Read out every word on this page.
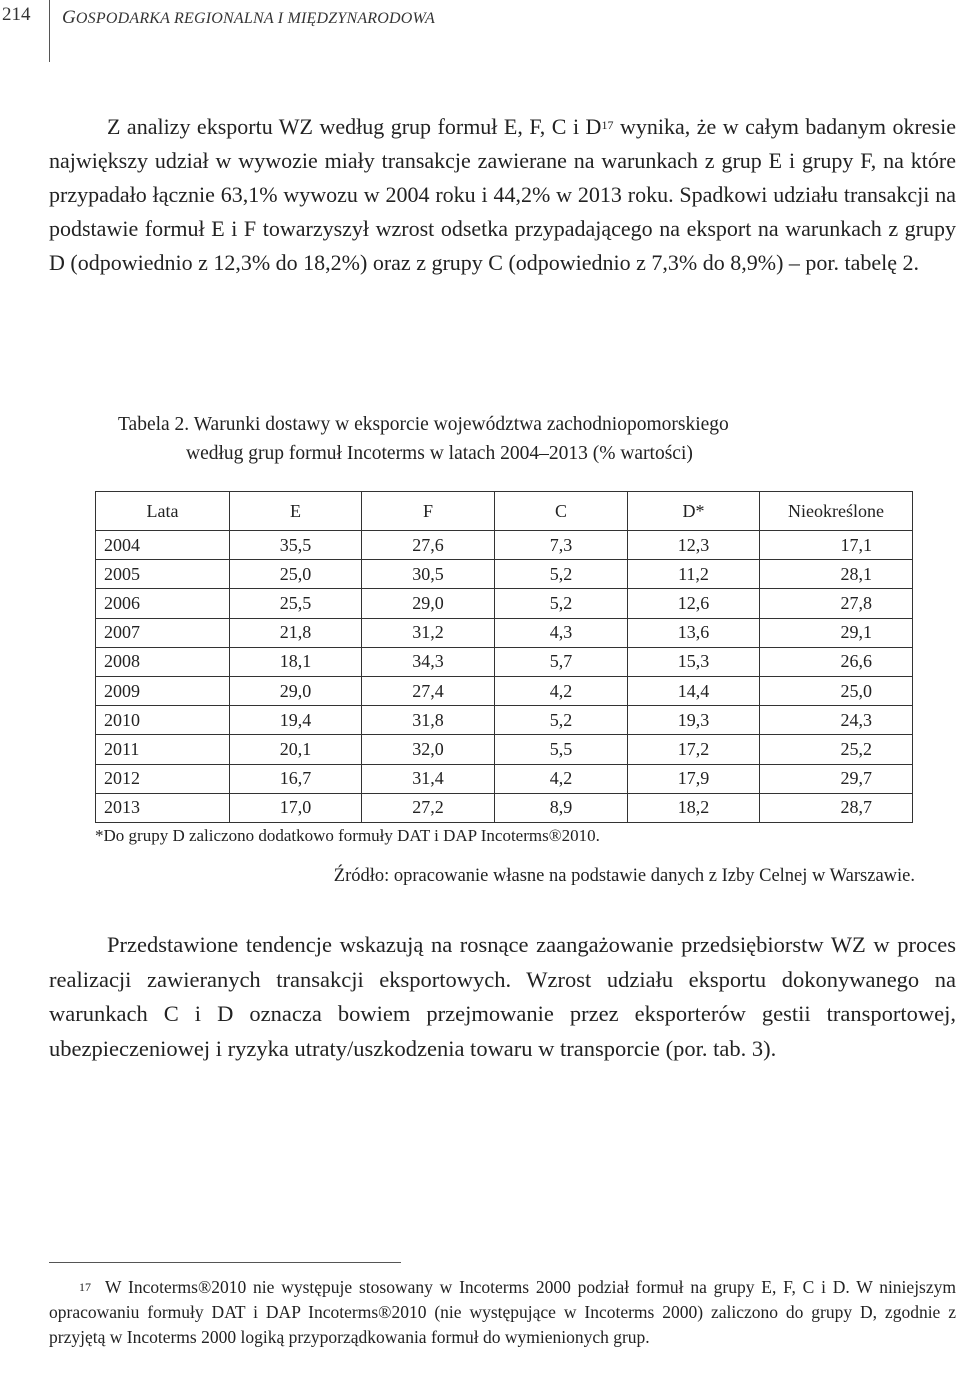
214 GOSPODARKA REGIONALNA I MIĘDZYNARODOWA

Z analizy eksportu WZ według grup formuł E, F, C i $D^{17}$ wynika, że w całym badanym okresie największy udział w wywozie miały transakcje zawierane na warunkach z grup E i grupy F, na które przypadało łącznie 63,1% wywozu w 2004 roku i 44,2% w 2013 roku. Spadkowi udziału transakcji na podstawie formuł E i F towarzyszył wzrost odsetka przypadającego na eksport na warunkach z grupy D (odpowiednio z 12,3% do 18,2%) oraz z grupy C (odpowiednio z 7,3% do 8,9%) – por. tabelę 2.

Tabela 2. Warunki dostawy w eksporcie województwa zachodniopomorskiego
według grup formuł Incoterms w latach 2004–2013 (% wartości)
Lata	E	F	C	D*	Nieokreślone
2004	35,5	27,6	7,3	12,3	17,1
2005	25,0	30,5	5,2	11,2	28,1
2006	25,5	29,0	5,2	12,6	27,8
2007	21,8	31,2	4,3	13,6	29,1
2008	18,1	34,3	5,7	15,3	26,6
2009	29,0	27,4	4,2	14,4	25,0
2010	19,4	31,8	5,2	19,3	24,3
2011	20,1	32,0	5,5	17,2	25,2
2012	16,7	31,4	4,2	17,9	29,7
2013	17,0	27,2	8,9	18,2	28,7
*Do grupy D zaliczono dodatkowo formuły DAT i DAP Incoterms®2010.
Źródło: opracowanie własne na podstawie danych z Izby Celnej w Warszawie.

Przedstawione tendencje wskazują na rosnące zaangażowanie przedsiębiorstw WZ w proces realizacji zawieranych transakcji eksportowych. Wzrost udziału eksportu dokonywanego na warunkach C i D oznacza bowiem przejmowanie przez eksporterów gestii transportowej, ubezpieczeniowej i ryzyka utraty/uszkodzenia towaru w transporcie (por. tab. 3).

$^{17}$ W Incoterms®2010 nie występuje stosowany w Incoterms 2000 podział formuł na grupy E, F, C i D. W niniejszym opracowaniu formuły DAT i DAP Incoterms®2010 (nie występujące w Incoterms 2000) zaliczono do grupy D, zgodnie z przyjętą w Incoterms 2000 logiką przyporządkowania formuł do wymienionych grup.
